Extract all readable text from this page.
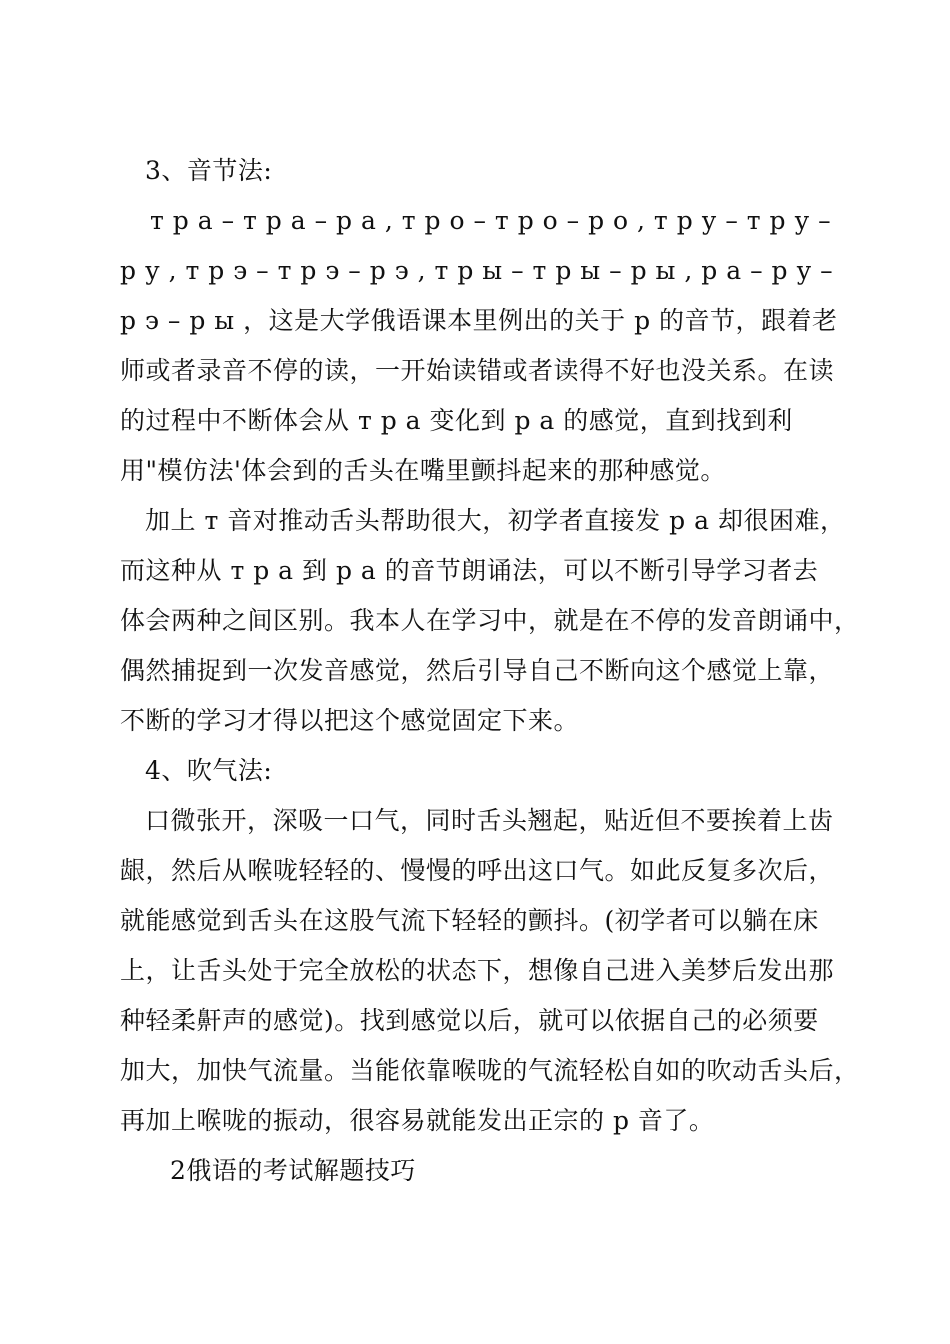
3、音节法:
т р а – т р а – р а , т р о – т р о – р о , т р у – т р у –
р у , т р э – т р э – р э , т р ы – т р ы – р ы , р а – р у –
р э – р ы ，这是大学俄语课本里例出的关于 р 的音节，跟着老
师或者录音不停的读，一开始读错或者读得不好也没关系。在读
的过程中不断体会从 т р а 变化到 р а 的感觉，直到找到利
用"模仿法'体会到的舌头在嘴里颤抖起来的那种感觉。
加上 т 音对推动舌头帮助很大，初学者直接发 р а 却很困难，
而这种从 т р а 到 р а 的音节朗诵法，可以不断引导学习者去
体会两种之间区别。我本人在学习中，就是在不停的发音朗诵中，
偶然捕捉到一次发音感觉，然后引导自己不断向这个感觉上靠，
不断的学习才得以把这个感觉固定下来。
4、吹气法:
口微张开，深吸一口气，同时舌头翘起，贴近但不要挨着上齿
龈，然后从喉咙轻轻的、慢慢的呼出这口气。如此反复多次后，
就能感觉到舌头在这股气流下轻轻的颤抖。(初学者可以躺在床
上，让舌头处于完全放松的状态下，想像自己进入美梦后发出那
种轻柔鼾声的感觉)。找到感觉以后，就可以依据自己的必须要
加大，加快气流量。当能依靠喉咙的气流轻松自如的吹动舌头后，
再加上喉咙的振动，很容易就能发出正宗的 р 音了。
2俄语的考试解题技巧
